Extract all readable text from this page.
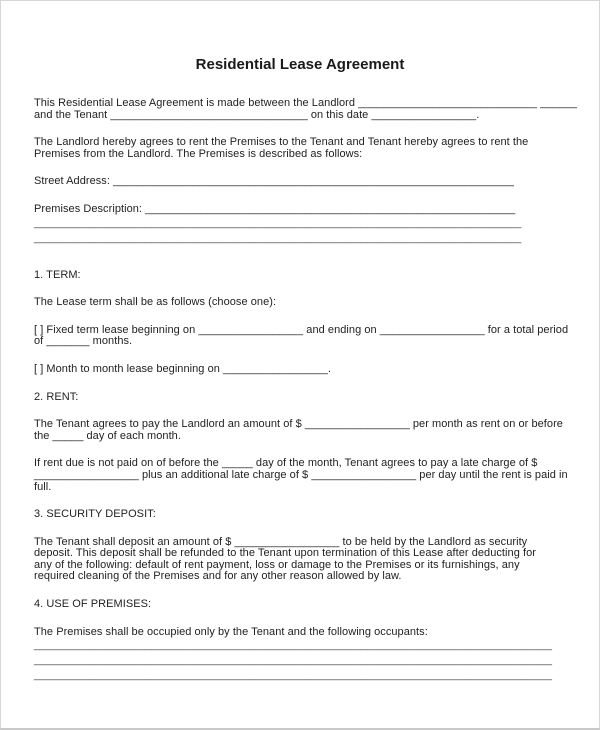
Residential Lease Agreement
This Residential Lease Agreement is made between the Landlord _____________________________ ______
and the Tenant ________________________________ on this date _________________.
The Landlord hereby agrees to rent the Premises to the Tenant and Tenant hereby agrees to rent the
Premises from the Landlord. The Premises is described as follows:
Street Address: _________________________________________________________________
Premises Description: ____________________________________________________________
_______________________________________________________________________________
_______________________________________________________________________________
1. TERM:
The Lease term shall be as follows (choose one):
[ ] Fixed term lease beginning on _________________ and ending on _________________ for a total period
of _______ months.
[ ] Month to month lease beginning on _________________.
2. RENT:
The Tenant agrees to pay the Landlord an amount of $ _________________ per month as rent on or before
the _____ day of each month.
If rent due is not paid on of before the _____ day of the month, Tenant agrees to pay a late charge of $
_________________ plus an additional late charge of $ _________________ per day until the rent is paid in
full.
3. SECURITY DEPOSIT:
The Tenant shall deposit an amount of $ _________________ to be held by the Landlord as security
deposit. This deposit shall be refunded to the Tenant upon termination of this Lease after deducting for
any of the following: default of rent payment, loss or damage to the Premises or its furnishings, any
required cleaning of the Premises and for any other reason allowed by law.
4. USE OF PREMISES:
The Premises shall be occupied only by the Tenant and the following occupants:
____________________________________________________________________________________
____________________________________________________________________________________
____________________________________________________________________________________
